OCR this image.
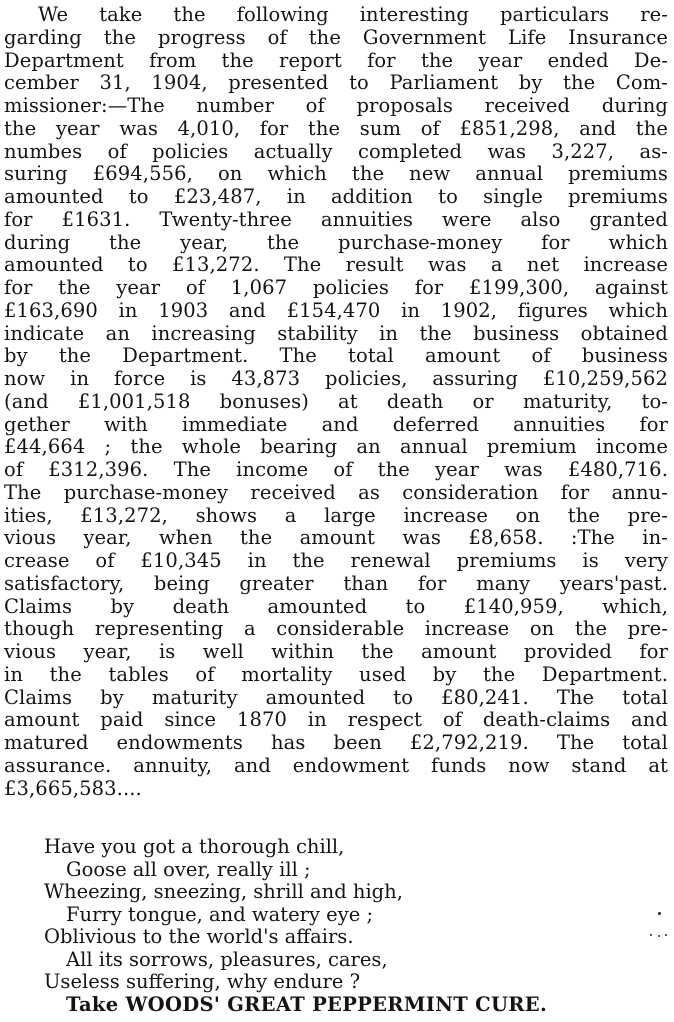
We take the following interesting particulars re-
garding the progress of the Government Life Insurance
Department from the report for the year ended De-
cember 31, 1904, presented to Parliament by the Com-
missioner:—The number of proposals received during
the year was 4,010, for the sum of £851,298, and the
numbes of policies actually completed was 3,227, as-
suring £694,556, on which the new annual premiums
amounted to £23,487, in addition to single premiums
for £1631. Twenty-three annuities were also granted
during the year, the purchase-money for which
amounted to £13,272. The result was a net increase
for the year of 1,067 policies for £199,300, against
£163,690 in 1903 and £154,470 in 1902, figures which
indicate an increasing stability in the business obtained
by the Department. The total amount of business
now in force is 43,873 policies, assuring £10,259,562
(and £1,001,518 bonuses) at death or maturity, to-
gether with immediate and deferred annuities for
£44,664 ; the whole bearing an annual premium income
of £312,396. The income of the year was £480,716.
The purchase-money received as consideration for annu-
ities, £13,272, shows a large increase on the pre-
vious year, when the amount was £8,658. :The in-
crease of £10,345 in the renewal premiums is very
satisfactory, being greater than for many years'past.
Claims by death amounted to £140,959, which,
though representing a considerable increase on the pre-
vious year, is well within the amount provided for
in the tables of mortality used by the Department.
Claims by maturity amounted to £80,241. The total
amount paid since 1870 in respect of death-claims and
matured endowments has been £2,792,219. The total
assurance. annuity, and endowment funds now stand at
£3,665,583....
Have you got a thorough chill,
Goose all over, really ill ;
Wheezing, sneezing, shrill and high,
Furry tongue, and watery eye ;
Oblivious to the world's affairs.
All its sorrows, pleasures, cares,
Useless suffering, why endure ?
Take WOODS' GREAT PEPPERMINT CURE.
